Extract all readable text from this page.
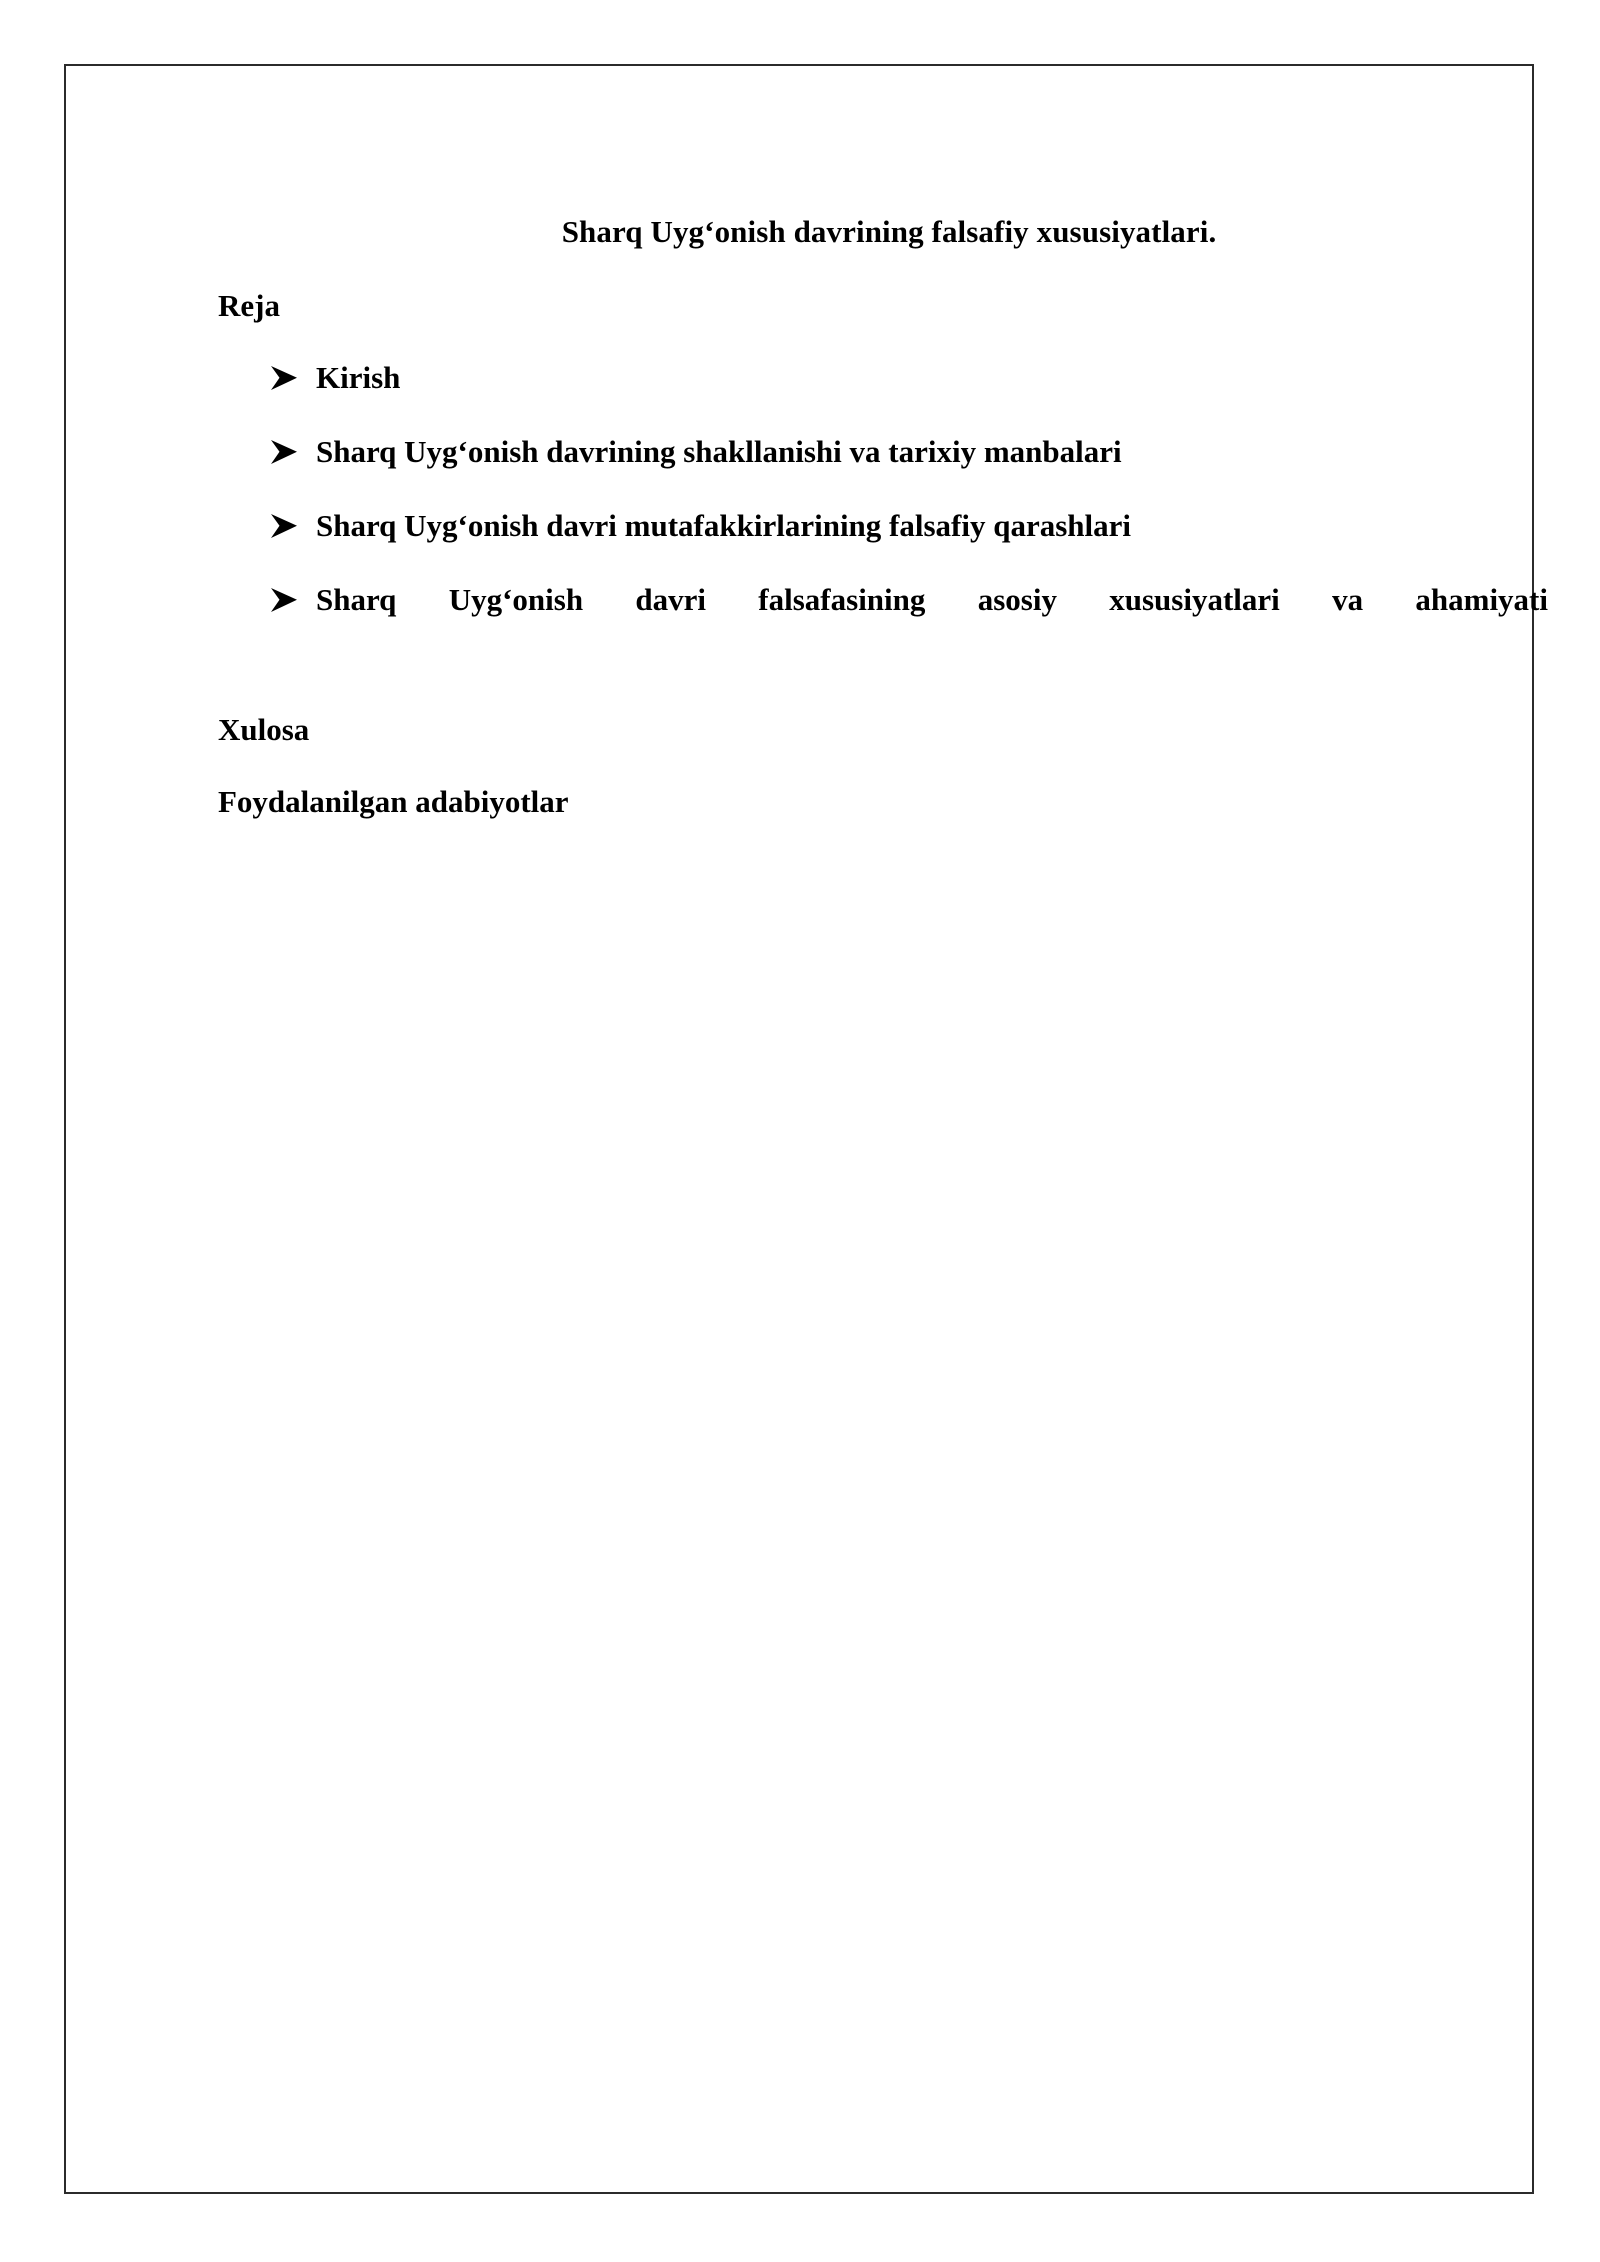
Sharq Uyg‘onish davrining falsafiy xususiyatlari.

Reja

Kirish
Sharq Uyg‘onish davrining shakllanishi va tarixiy manbalari
Sharq Uyg‘onish davri mutafakkirlarining falsafiy qarashlari
Sharq Uyg‘onish davri falsafasining asosiy xususiyatlari va ahamiyati

Xulosa

Foydalanilgan adabiyotlar
